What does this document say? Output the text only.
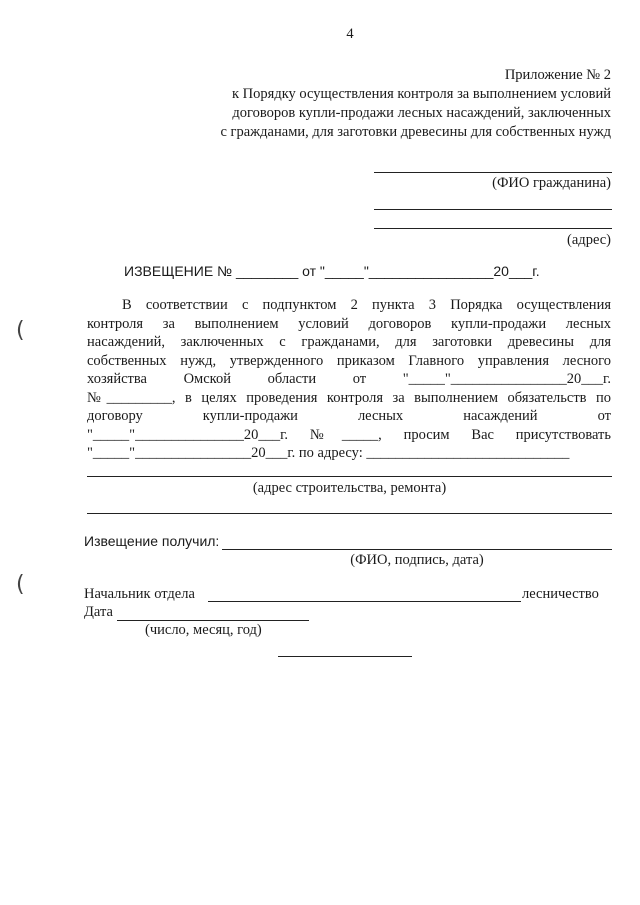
4
Приложение № 2
к Порядку осуществления контроля за выполнением условий
договоров купли-продажи лесных насаждений, заключенных
с гражданами, для заготовки древесины для собственных нужд
(ФИО гражданина)
(адрес)
ИЗВЕЩЕНИЕ № ________ от "_____"________________20___г.
В соответствии с подпунктом 2 пункта 3 Порядка осуществления
контроля за выполнением условий договоров купли-продажи лесных
насаждений, заключенных с гражданами, для заготовки древесины для
собственных нужд, утвержденного приказом Главного управления лесного
хозяйства Омской области от "_____"________________20___г.
№_________, в целях проведения контроля за выполнением обязательств по
договору купли-продажи лесных насаждений от
"_____"_______________20___г. №_____, просим Вас присутствовать
"_____"________________20___г. по адресу: ____________________________
(адрес строительства, ремонта)
Извещение получил:
(ФИО, подпись, дата)
Начальник отдела	лесничество
Дата
(число, месяц, год)
(
(
